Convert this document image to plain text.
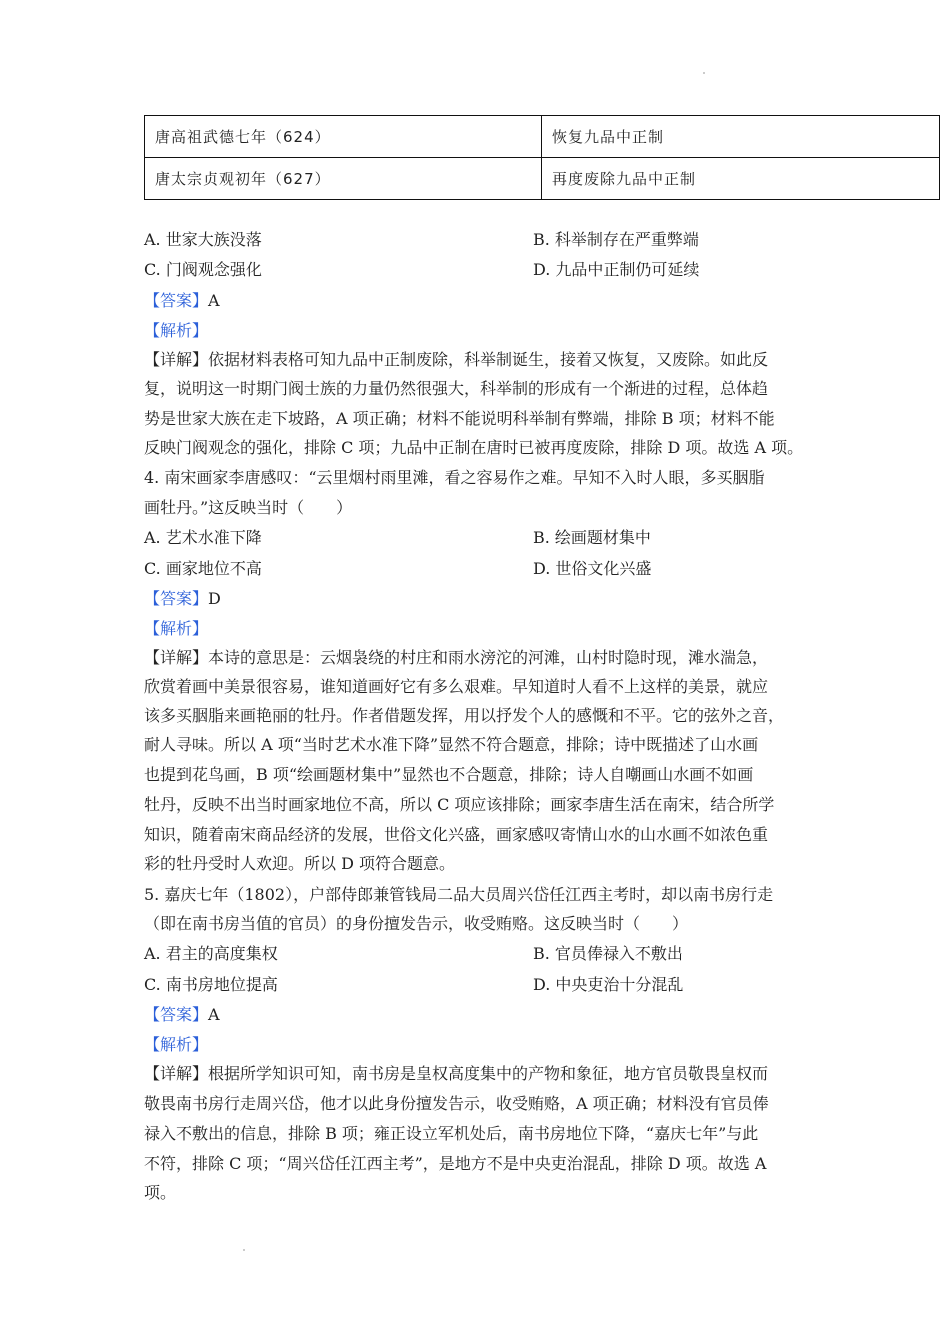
唐高祖武德七年（624）	恢复九品中正制
唐太宗贞观初年（627）	再度废除九品中正制
A. 世家大族没落	B. 科举制存在严重弊端
C. 门阀观念强化	D. 九品中正制仍可延续
【答案】A
【解析】
【详解】依据材料表格可知九品中正制废除，科举制诞生，接着又恢复，又废除。如此反
复，说明这一时期门阀士族的力量仍然很强大，科举制的形成有一个渐进的过程，总体趋
势是世家大族在走下坡路，A 项正确；材料不能说明科举制有弊端，排除 B 项；材料不能
反映门阀观念的强化，排除 C 项；九品中正制在唐时已被再度废除，排除 D 项。故选 A 项。
4. 南宋画家李唐感叹：“云里烟村雨里滩，看之容易作之难。早知不入时人眼，多买胭脂
画牡丹。”这反映当时（　　）
A. 艺术水准下降	B. 绘画题材集中
C. 画家地位不高	D. 世俗文化兴盛
【答案】D
【解析】
【详解】本诗的意思是：云烟袅绕的村庄和雨水滂沱的河滩，山村时隐时现，滩水湍急，
欣赏着画中美景很容易，谁知道画好它有多么艰难。早知道时人看不上这样的美景，就应
该多买胭脂来画艳丽的牡丹。作者借题发挥，用以抒发个人的感慨和不平。它的弦外之音，
耐人寻味。所以 A 项“当时艺术水准下降”显然不符合题意，排除；诗中既描述了山水画
也提到花鸟画，B 项“绘画题材集中”显然也不合题意，排除；诗人自嘲画山水画不如画
牡丹，反映不出当时画家地位不高，所以 C 项应该排除；画家李唐生活在南宋，结合所学
知识，随着南宋商品经济的发展，世俗文化兴盛，画家感叹寄情山水的山水画不如浓色重
彩的牡丹受时人欢迎。所以 D 项符合题意。
5. 嘉庆七年（1802），户部侍郎兼管钱局二品大员周兴岱任江西主考时，却以南书房行走
（即在南书房当值的官员）的身份擅发告示，收受贿赂。这反映当时（　　）
A. 君主的高度集权	B. 官员俸禄入不敷出
C. 南书房地位提高	D. 中央吏治十分混乱
【答案】A
【解析】
【详解】根据所学知识可知，南书房是皇权高度集中的产物和象征，地方官员敬畏皇权而
敬畏南书房行走周兴岱，他才以此身份擅发告示，收受贿赂，A 项正确；材料没有官员俸
禄入不敷出的信息，排除 B 项；雍正设立军机处后，南书房地位下降，“嘉庆七年”与此
不符，排除 C 项；“周兴岱任江西主考”，是地方不是中央吏治混乱，排除 D 项。故选 A
项。
